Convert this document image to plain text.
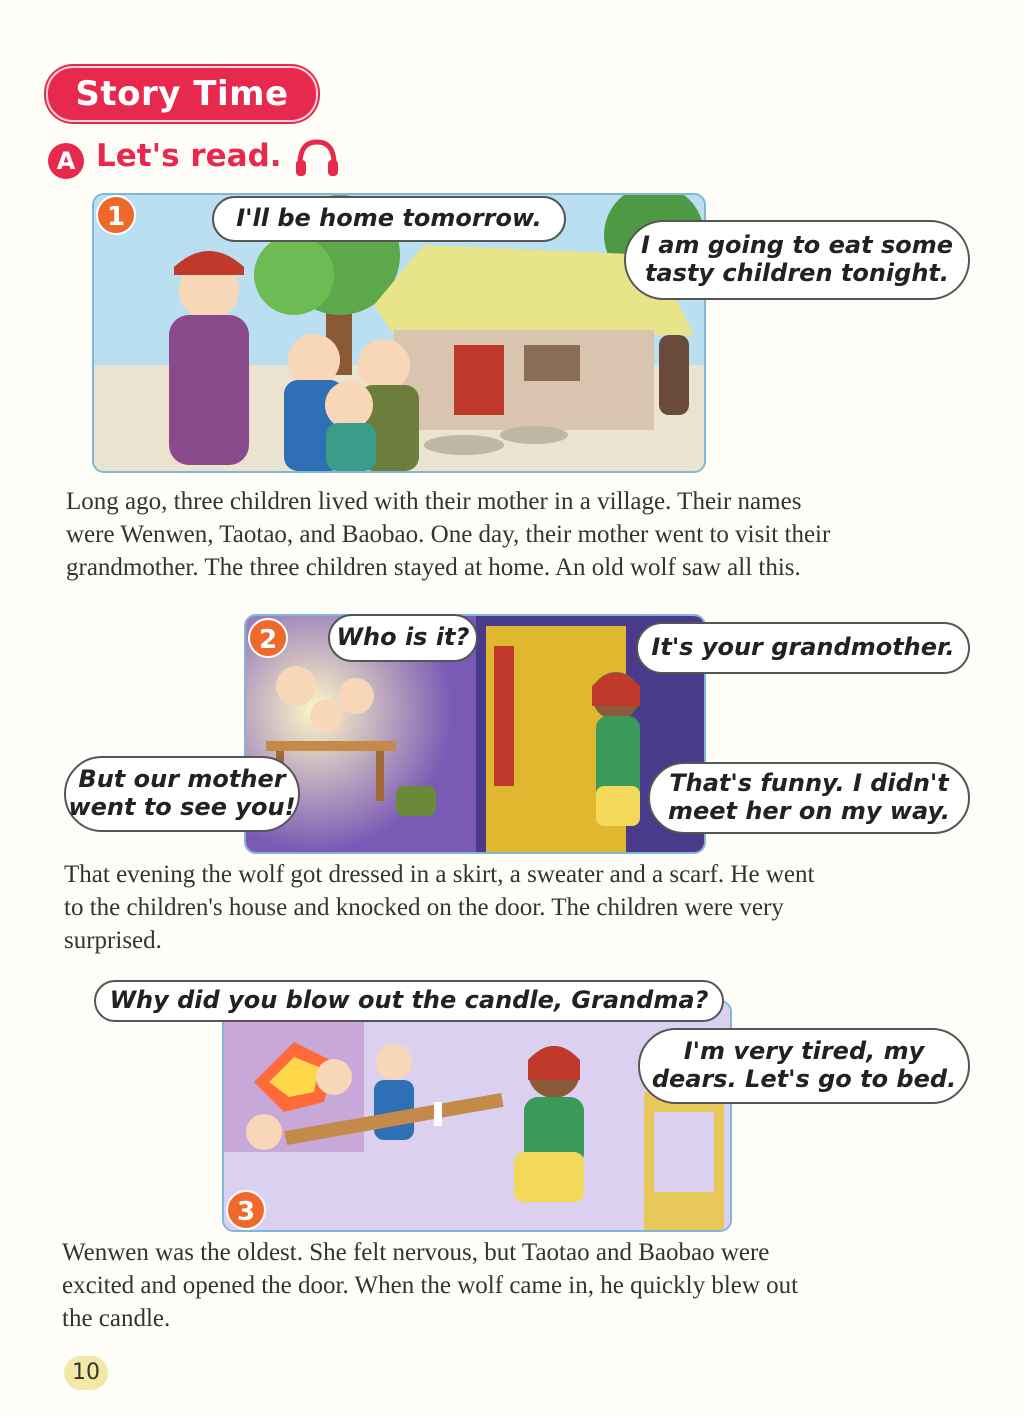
Story Time
A Let's read.
1	I'll be home tomorrow.
I am going to eat some
tasty children tonight.
Long ago, three children lived with their mother in a village. Their names
were Wenwen, Taotao, and Baobao. One day, their mother went to visit their
grandmother. The three children stayed at home. An old wolf saw all this.
2	Who is it?	It's your grandmother.
But our mother
went to see you!
That's funny. I didn't
meet her on my way.
That evening the wolf got dressed in a skirt, a sweater and a scarf. He went
to the children's house and knocked on the door. The children were very
surprised.
3
Why did you blow out the candle, Grandma?
I'm very tired, my
dears. Let's go to bed.
Wenwen was the oldest. She felt nervous, but Taotao and Baobao were
excited and opened the door. When the wolf came in, he quickly blew out
the candle.
10
